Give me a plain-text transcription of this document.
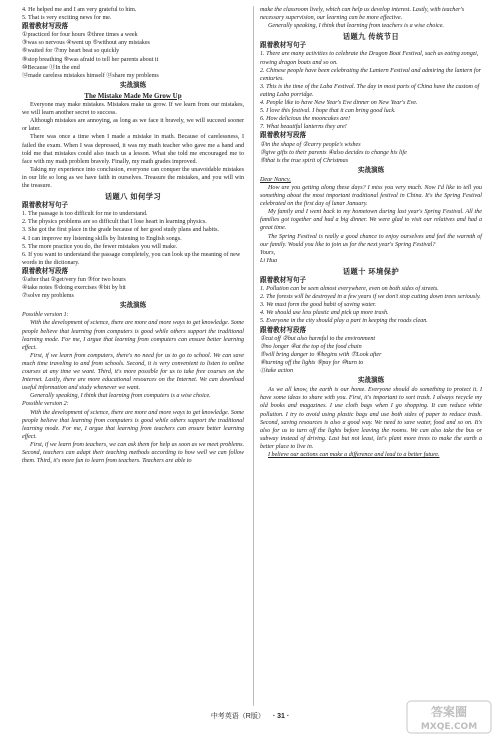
4. He helped me and I am very grateful to him.

5. That is very exciting news for me.

跟着教材写段落

①practiced for four hours ②three times a week

③was so nervous ④went up ⑤without any mistakes

⑥waited for ⑦my heart beat so quickly

⑧stop breathing ⑨was afraid to tell her parents about it

⑩Because ⑪In the end

⑫made careless mistakes himself ⑬share my problems

实战演练

The Mistake Made Me Grow Up

Everyone may make mistakes. Mistakes make us grow. If we learn from our mistakes, we will learn another secret to success.

Although mistakes are annoying, as long as we face it bravely, we will succeed sooner or later.

There was once a time when I made a mistake in math. Because of carelessness, I failed the exam. When I was depressed, it was my math teacher who gave me a hand and told me that mistakes could also teach us a lesson. What she told me encouraged me to face with my math problem bravely. Finally, my math grades improved.

Taking my experience into conclusion, everyone can conquer the unavoidable mistakes in our life so long as we have faith in ourselves. Treasure the mistakes, and you will win the treasure.

话题八 如何学习

跟着教材写句子

1. The passage is too difficult for me to understand.

2. The physics problems are so difficult that I lose heart in learning physics.

3. She got the first place in the grade because of her good study plans and habits.

4. I can improve my listening skills by listening to English songs.

5. The more practice you do, the fewer mistakes you will make.

6. If you want to understand the passage completely, you can look up the meaning of new words in the dictionary.

跟着教材写段落

①after that ②get/very fun ③for two hours

④take notes ⑤doing exercises ⑥bit by bit

⑦solve my problems

实战演练

Possible version 1:

With the development of science, there are more and more ways to get knowledge. Some people believe that learning from computers is good while others support the traditional learning mode. For me, I argue that learning from computers can ensure better learning effect.

First, if we learn from computers, there's no need for us to go to school. We can save much time traveling to and from schools. Second, it is very convenient to listen to online courses at any time we want. Third, it's more possible for us to take free courses on the Internet. Lastly, there are more educational resources on the Internet. We can download useful information and study whenever we want.

Generally speaking, I think that learning from computers is a wise choice.

Possible version 2:

With the development of science, there are more and more ways to get knowledge. Some people believe that learning from computers is good while others support the traditional learning mode. For me, I argue that learning from teachers can ensure better learning effect.

First, if we learn from teachers, we can ask them for help as soon as we meet problems. Second, teachers can adapt their teaching methods according to how well we can follow them. Third, it's more fun to learn from teachers. Teachers are able to

make the classroom lively, which can help us develop interest. Lastly, with teacher's necessary supervision, our learning can be more effective.

Generally speaking, I think that learning from teachers is a wise choice.

话题九 传统节日

跟着教材写句子

1. There are many activities to celebrate the Dragon Boat Festival, such as eating zongzi, rowing dragon boats and so on.

2. Chinese people have been celebrating the Lantern Festival and admiring the lantern for centuries.

3. This is the time of the Laba Festival. The day in most parts of China have the custom of eating Laba porridge.

4. People like to have New Year's Eve dinner on New Year's Eve.

5. I love this festival. I hope that it can bring good luck.

6. How delicious the mooncakes are!

7. What beautiful lanterns they are!

跟着教材写段落

①in the shape of ②carry people's wishes

③give gifts to their parents ④also decides to change his life

⑤that is the true spirit of Christmas

实战演练

Dear Nancy,

How are you getting along these days? I miss you very much. Now I'd like to tell you something about the most important traditional festival in China. It's the Spring Festival celebrated on the first day of lunar January.

My family and I went back to my hometown during last year's Spring Festival. All the families got together and had a big dinner. We were glad to visit our relatives and had a great time.

The Spring Festival is really a good chance to enjoy ourselves and feel the warmth of our family. Would you like to join us for the next year's Spring Festival?

Yours,

Li Hua

话题十 环境保护

跟着教材写句子

1. Pollution can be seen almost everywhere, even on both sides of streets.

2. The forests will be destroyed in a few years if we don't stop cutting down trees seriously.

3. We must form the good habit of saving water.

4. We should use less plastic and pick up more trash.

5. Everyone in the city should play a part in keeping the roads clean.

跟着教材写段落

①cut off ②but also harmful to the environment

③no longer ④at the top of the food chain

⑤will bring danger to ⑥begins with ⑦Look after

⑧turning off the lights ⑨pay for ⑩turn to

⑪take action

实战演练

As we all know, the earth is our home. Everyone should do something to protect it. I have some ideas to share with you. First, it's important to sort trash. I always recycle my old books and magazines. I use cloth bags when I go shopping. It can reduce white pollution. I try to avoid using plastic bags and use both sides of paper to reduce trash. Second, saving resources is also a good way. We need to save water, food and so on. It's also for us to turn off the lights before leaving the rooms. We can also take the bus or subway instead of driving. Last but not least, let's plant more trees to make the earth a better place to live in.

I believe our actions can make a difference and lead to a better future.

中考英语（R版） · 31 ·	答案圈
MXQE.COM
